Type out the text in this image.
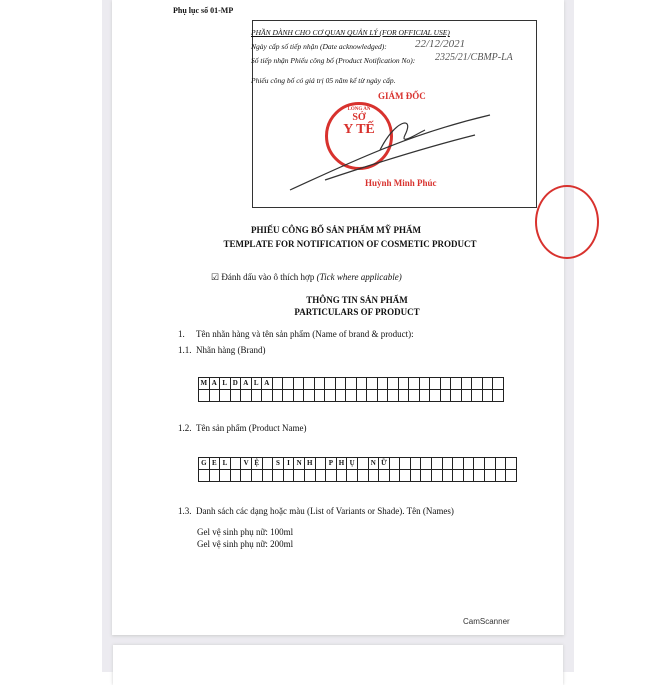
Phụ lục số 01-MP
PHẦN DÀNH CHO CƠ QUAN QUẢN LÝ (FOR OFFICIAL USE)
Ngày cấp số tiếp nhận (Date acknowledged):	22/12/2021
Số tiếp nhận Phiếu công bố (Product Notification No): 2325/21/CBMP-LA
Phiếu công bố có giá trị 05 năm kể từ ngày cấp.
GIÁM ĐỐC
LONG AN
SỞ
Y TẾ
Huỳnh Minh Phúc
PHIẾU CÔNG BỐ SẢN PHẨM MỸ PHẨM
TEMPLATE FOR NOTIFICATION OF COSMETIC PRODUCT
☑ Đánh dấu vào ô thích hợp (Tick where applicable)
THÔNG TIN SẢN PHẨM
PARTICULARS OF PRODUCT
1. Tên nhãn hàng và tên sản phẩm (Name of brand & product):
1.1. Nhãn hàng (Brand)
M A L D A L A
1.2. Tên sản phẩm (Product Name)
G E L	V Ệ	S	I N H	P H Ụ	N Ữ
1.3. Danh sách các dạng hoặc màu (List of Variants or Shade). Tên (Names)
Gel vệ sinh phụ nữ: 100ml
Gel vệ sinh phụ nữ: 200ml
CamScanner
